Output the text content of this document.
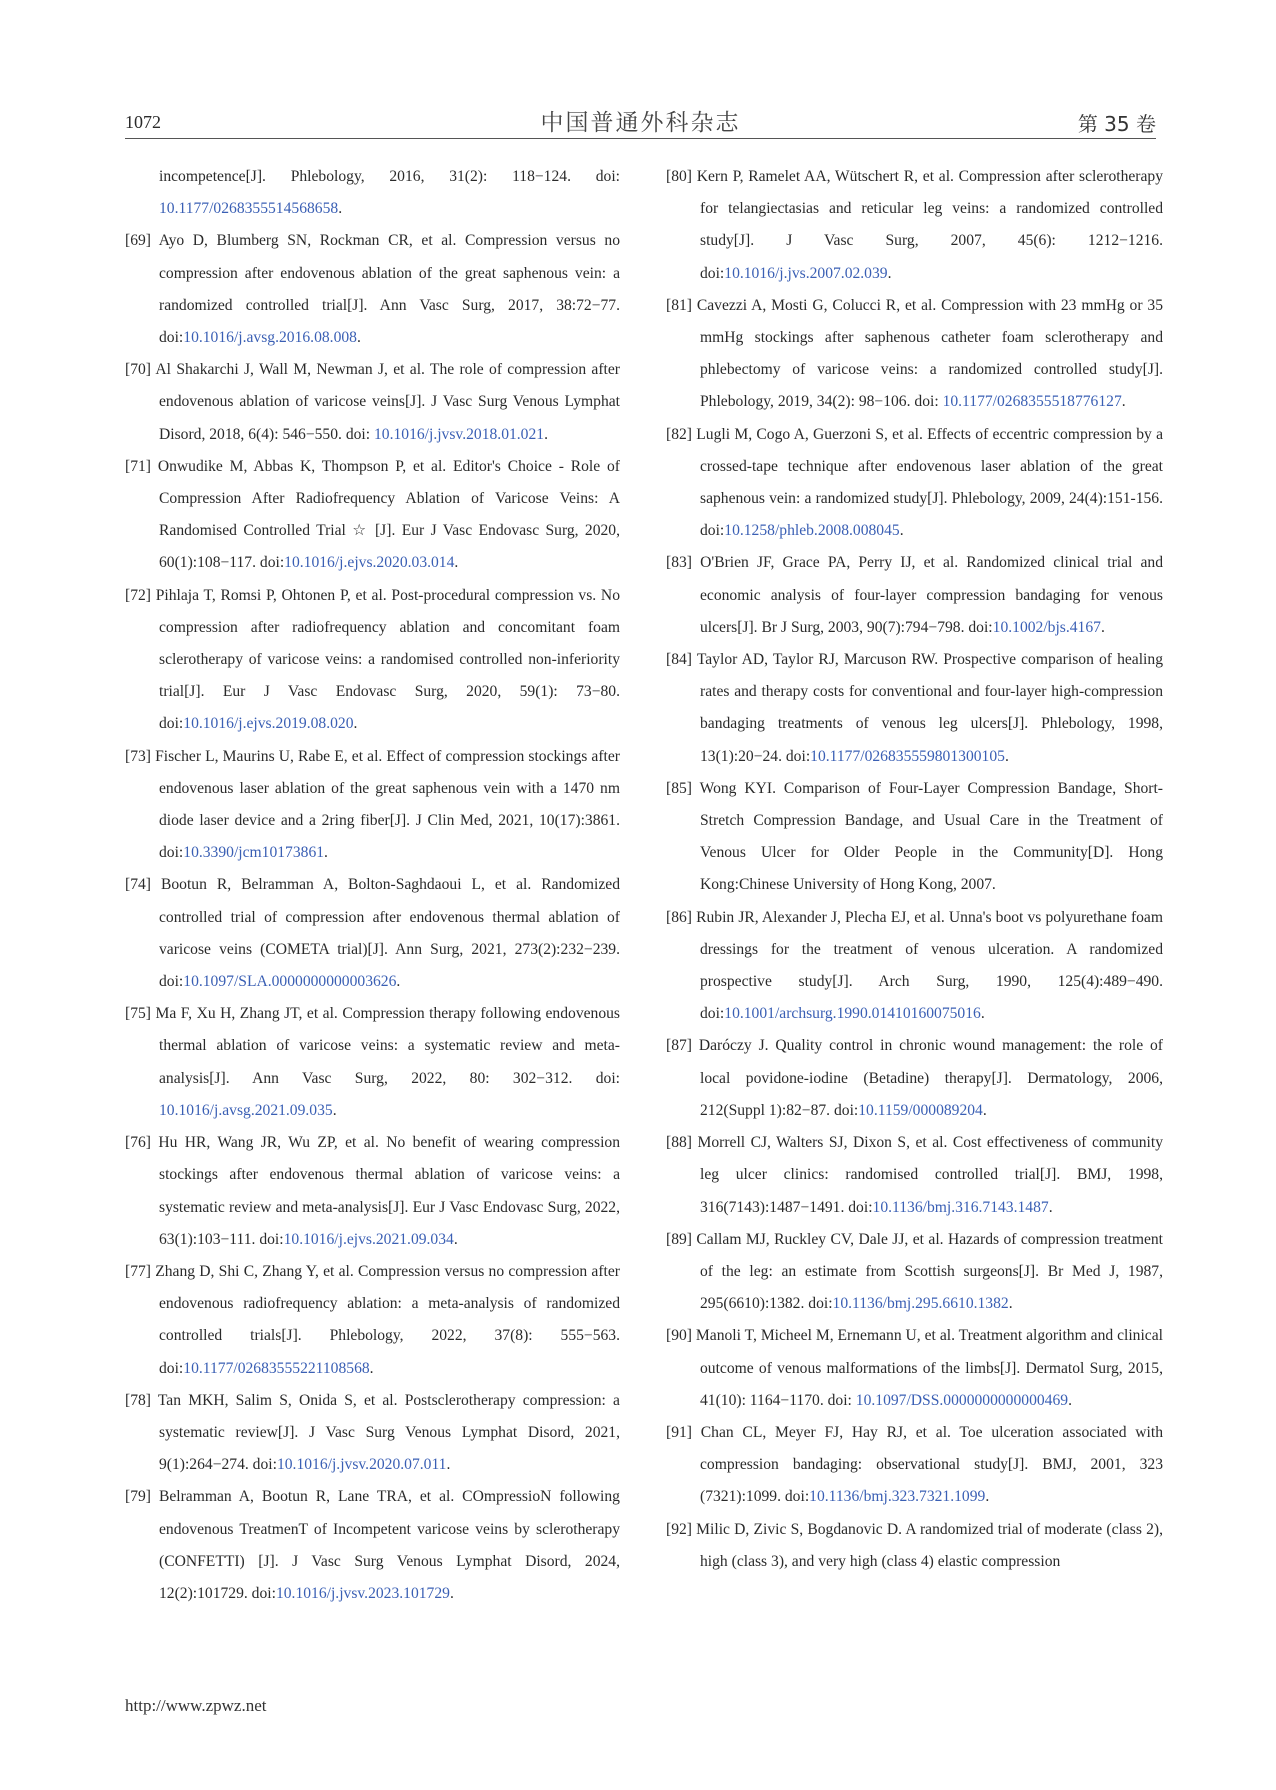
1072	中国普通外科杂志	第 35 卷
incompetence[J]. Phlebology, 2016, 31(2): 118−124. doi: 10.1177/0268355514568658.
[69] Ayo D, Blumberg SN, Rockman CR, et al. Compression versus no compression after endovenous ablation of the great saphenous vein: a randomized controlled trial[J]. Ann Vasc Surg, 2017, 38:72−77. doi:10.1016/j.avsg.2016.08.008.
[70] Al Shakarchi J, Wall M, Newman J, et al. The role of compression after endovenous ablation of varicose veins[J]. J Vasc Surg Venous Lymphat Disord, 2018, 6(4): 546−550. doi: 10.1016/j.jvsv.2018.01.021.
[71] Onwudike M, Abbas K, Thompson P, et al. Editor's Choice - Role of Compression After Radiofrequency Ablation of Varicose Veins: A Randomised Controlled Trial ☆ [J]. Eur J Vasc Endovasc Surg, 2020, 60(1):108−117. doi:10.1016/j.ejvs.2020.03.014.
[72] Pihlaja T, Romsi P, Ohtonen P, et al. Post-procedural compression vs. No compression after radiofrequency ablation and concomitant foam sclerotherapy of varicose veins: a randomised controlled non-inferiority trial[J]. Eur J Vasc Endovasc Surg, 2020, 59(1): 73−80. doi:10.1016/j.ejvs.2019.08.020.
[73] Fischer L, Maurins U, Rabe E, et al. Effect of compression stockings after endovenous laser ablation of the great saphenous vein with a 1470 nm diode laser device and a 2ring fiber[J]. J Clin Med, 2021, 10(17):3861. doi:10.3390/jcm10173861.
[74] Bootun R, Belramman A, Bolton-Saghdaoui L, et al. Randomized controlled trial of compression after endovenous thermal ablation of varicose veins (COMETA trial)[J]. Ann Surg, 2021, 273(2):232−239. doi:10.1097/SLA.0000000000003626.
[75] Ma F, Xu H, Zhang JT, et al. Compression therapy following endovenous thermal ablation of varicose veins: a systematic review and meta-analysis[J]. Ann Vasc Surg, 2022, 80: 302−312. doi: 10.1016/j.avsg.2021.09.035.
[76] Hu HR, Wang JR, Wu ZP, et al. No benefit of wearing compression stockings after endovenous thermal ablation of varicose veins: a systematic review and meta-analysis[J]. Eur J Vasc Endovasc Surg, 2022, 63(1):103−111. doi:10.1016/j.ejvs.2021.09.034.
[77] Zhang D, Shi C, Zhang Y, et al. Compression versus no compression after endovenous radiofrequency ablation: a meta-analysis of randomized controlled trials[J]. Phlebology, 2022, 37(8): 555−563. doi:10.1177/02683555221108568.
[78] Tan MKH, Salim S, Onida S, et al. Postsclerotherapy compression: a systematic review[J]. J Vasc Surg Venous Lymphat Disord, 2021, 9(1):264−274. doi:10.1016/j.jvsv.2020.07.011.
[79] Belramman A, Bootun R, Lane TRA, et al. COmpressioN following endovenous TreatmenT of Incompetent varicose veins by sclerotherapy (CONFETTI) [J]. J Vasc Surg Venous Lymphat Disord, 2024, 12(2):101729. doi:10.1016/j.jvsv.2023.101729.
[80] Kern P, Ramelet AA, Wütschert R, et al. Compression after sclerotherapy for telangiectasias and reticular leg veins: a randomized controlled study[J]. J Vasc Surg, 2007, 45(6): 1212−1216. doi:10.1016/j.jvs.2007.02.039.
[81] Cavezzi A, Mosti G, Colucci R, et al. Compression with 23 mmHg or 35 mmHg stockings after saphenous catheter foam sclerotherapy and phlebectomy of varicose veins: a randomized controlled study[J]. Phlebology, 2019, 34(2): 98−106. doi: 10.1177/0268355518776127.
[82] Lugli M, Cogo A, Guerzoni S, et al. Effects of eccentric compression by a crossed-tape technique after endovenous laser ablation of the great saphenous vein: a randomized study[J]. Phlebology, 2009, 24(4):151-156. doi:10.1258/phleb.2008.008045.
[83] O'Brien JF, Grace PA, Perry IJ, et al. Randomized clinical trial and economic analysis of four-layer compression bandaging for venous ulcers[J]. Br J Surg, 2003, 90(7):794−798. doi:10.1002/bjs.4167.
[84] Taylor AD, Taylor RJ, Marcuson RW. Prospective comparison of healing rates and therapy costs for conventional and four-layer high-compression bandaging treatments of venous leg ulcers[J]. Phlebology, 1998, 13(1):20−24. doi:10.1177/026835559801300105.
[85] Wong KYI. Comparison of Four-Layer Compression Bandage, Short-Stretch Compression Bandage, and Usual Care in the Treatment of Venous Ulcer for Older People in the Community[D]. Hong Kong:Chinese University of Hong Kong, 2007.
[86] Rubin JR, Alexander J, Plecha EJ, et al. Unna's boot vs polyurethane foam dressings for the treatment of venous ulceration. A randomized prospective study[J]. Arch Surg, 1990, 125(4):489−490. doi:10.1001/archsurg.1990.01410160075016.
[87] Daróczy J. Quality control in chronic wound management: the role of local povidone-iodine (Betadine) therapy[J]. Dermatology, 2006, 212(Suppl 1):82−87. doi:10.1159/000089204.
[88] Morrell CJ, Walters SJ, Dixon S, et al. Cost effectiveness of community leg ulcer clinics: randomised controlled trial[J]. BMJ, 1998, 316(7143):1487−1491. doi:10.1136/bmj.316.7143.1487.
[89] Callam MJ, Ruckley CV, Dale JJ, et al. Hazards of compression treatment of the leg: an estimate from Scottish surgeons[J]. Br Med J, 1987, 295(6610):1382. doi:10.1136/bmj.295.6610.1382.
[90] Manoli T, Micheel M, Ernemann U, et al. Treatment algorithm and clinical outcome of venous malformations of the limbs[J]. Dermatol Surg, 2015, 41(10): 1164−1170. doi: 10.1097/DSS.0000000000000469.
[91] Chan CL, Meyer FJ, Hay RJ, et al. Toe ulceration associated with compression bandaging: observational study[J]. BMJ, 2001, 323 (7321):1099. doi:10.1136/bmj.323.7321.1099.
[92] Milic D, Zivic S, Bogdanovic D. A randomized trial of moderate (class 2), high (class 3), and very high (class 4) elastic compression
http://www.zpwz.net
